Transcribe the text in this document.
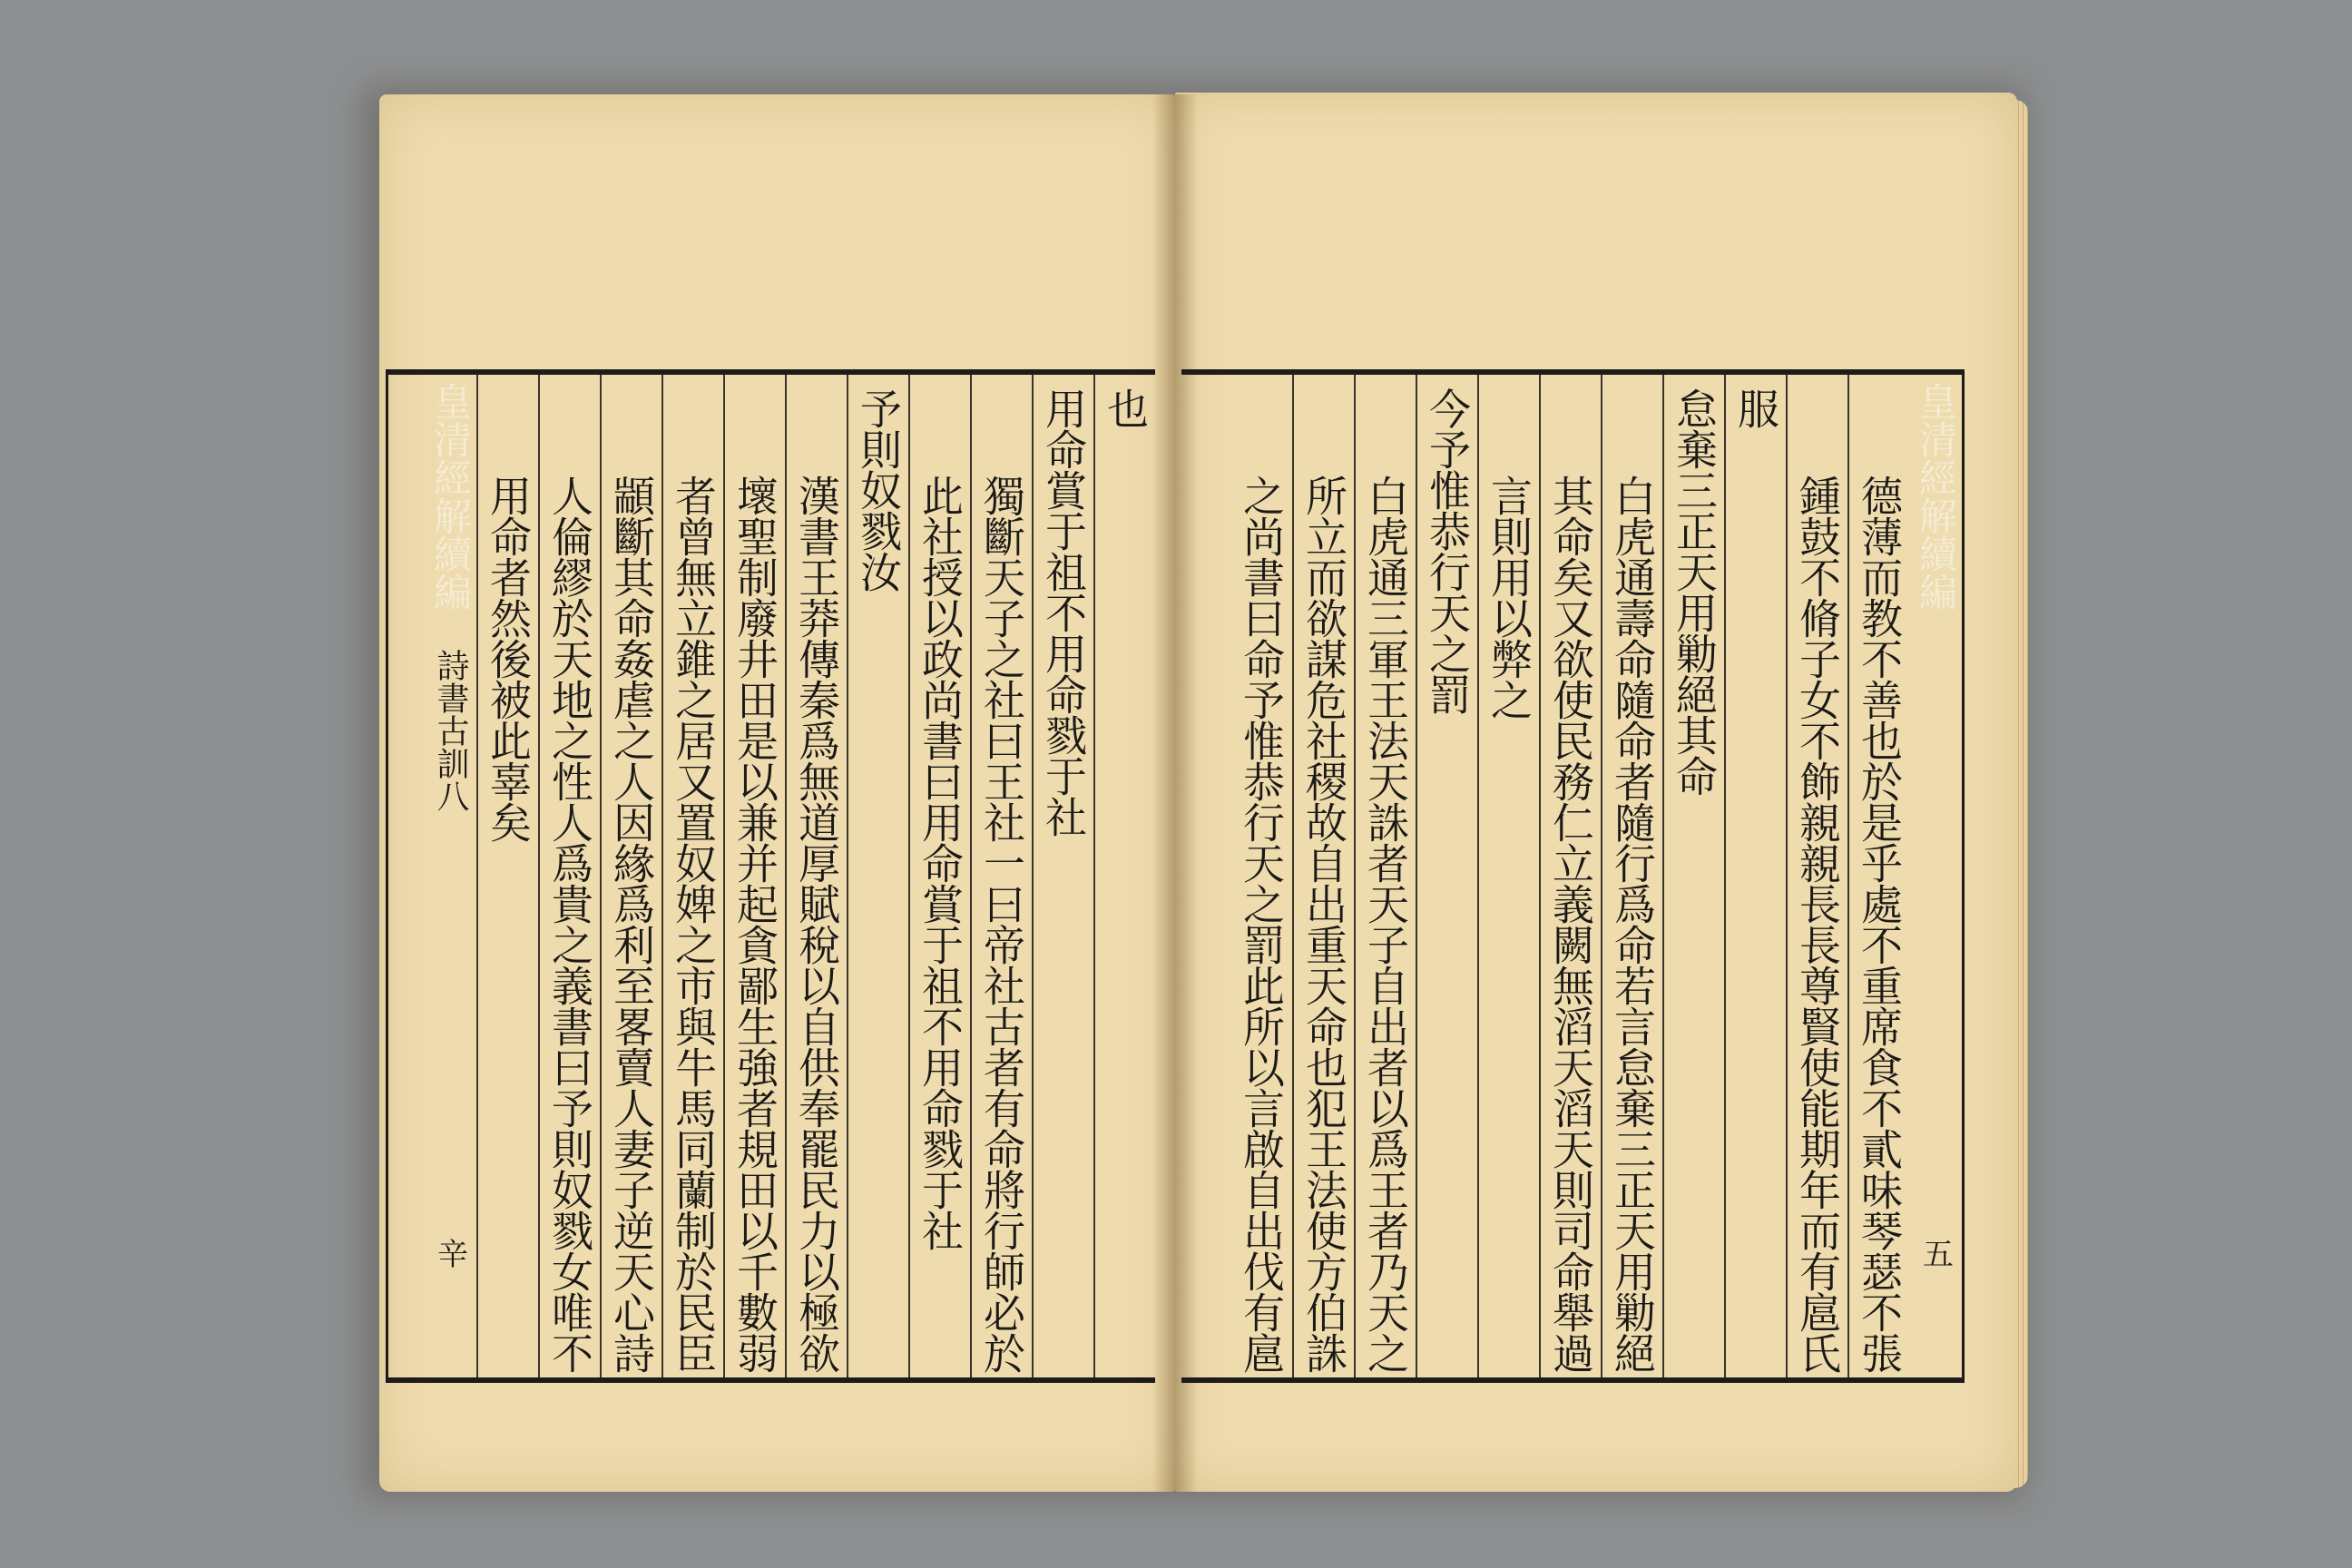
也
用命賞于祖不用命戮于社
獨斷天子之社曰王社一曰帝社古者有命將行師必於
此社授以政尚書曰用命賞于祖不用命戮于社
予則奴戮汝
漢書王莽傳秦爲無道厚賦稅以自供奉罷民力以極欲
壞聖制廢井田是以兼并起貪鄙生強者規田以千數弱
者曾無立錐之居又置奴婢之市與牛馬同蘭制於民臣
顓斷其命姦虐之人因緣爲利至畧賣人妻子逆天心詩
人倫繆於天地之性人爲貴之義書曰予則奴戮女唯不
用命者然後被此辜矣
皇清經解續編
詩書古訓八
辛
皇清經解續編
五
德薄而教不善也於是乎處不重席食不貳味琴瑟不張
鍾鼓不脩子女不飾親親長長尊賢使能期年而有扈氏
服
怠棄三正天用勦絕其命
白虎通壽命隨命者隨行爲命若言怠棄三正天用勦絕
其命矣又欲使民務仁立義闕無滔天滔天則司命舉過
言則用以弊之
今予惟恭行天之罰
白虎通三軍王法天誅者天子自出者以爲王者乃天之
所立而欲謀危社稷故自出重天命也犯王法使方伯誅
之尚書曰命予惟恭行天之罰此所以言啟自出伐有扈
